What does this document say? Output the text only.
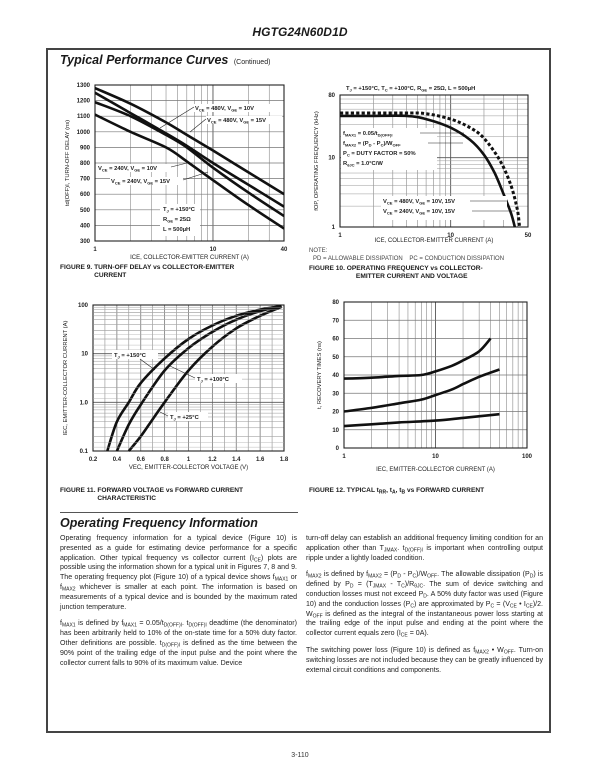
HGTG24N60D1D
Typical Performance Curves (Continued)
1	10	40
300
400
500
600
700
800
900
1000
1100
1200
1300
ICE, COLLECTOR-EMITTER CURRENT (A)
td(OFF)I, TURN-OFF DELAY (ns)
$V_{CE} = 480V$, $V_{GE} = 10V$
$V_{CE} = 480V$, $V_{GE} = 15V$
$V_{CE} = 240V$, $V_{GE} = 10V$
$V_{CE} = 240V$, $V_{GE} = 15V$
$T_J = +150^\circ C$
$R_{GE} = 25\Omega$
L = 500µH
FIGURE 9. TURN-OFF DELAY vs COLLECTOR-EMITTER
CURRENT
1	10	50
1
10
80
ICE, COLLECTOR-EMITTER CURRENT (A)
fOP, OPERATING FREQUENCY (kHz)
$T_J = +150^\circ C$, $T_C = +100^\circ C$, $R_{GE} = 25\Omega$, L = 500µH
$f_{MAX1} = 0.05/t_{D(OFF)I}$
$f_{MAX2} = (P_D - P_C)/W_{OFF}$
$P_C$ = DUTY FACTOR = 50%
$R_{\theta JC} = 1.0^\circ C/W$
$V_{CE} = 480V$, $V_{GE} = 10V$, 15V
$V_{CE} = 240V$, $V_{GE} = 10V$, 15V
NOTE:
PD = ALLOWABLE DISSIPATION    PC = CONDUCTION DISSIPATION
FIGURE 10. OPERATING FREQUENCY vs COLLECTOR-
EMITTER CURRENT AND VOLTAGE
0.2	0.4	0.6	0.8	1	1.2	1.4	1.6	1.8
0.1
1.0
10
100
VEC, EMITTER-COLLECTOR VOLTAGE (V)
IEC, EMITTER-COLLECTOR CURRENT (A)	$T_J = +150^\circ C$
$T_J = +100^\circ C$
$T_J = +25^\circ C$
FIGURE 11. FORWARD VOLTAGE vs FORWARD CURRENT
CHARACTERISTIC
1	10	100
0
10
20
30
40
50
60
70
80
IEC, EMITTER-COLLECTOR CURRENT (A)
t, RECOVERY TIMES (ns)
FIGURE 12. TYPICAL $t_{RR}$, $t_A$, $t_B$ vs FORWARD CURRENT
Operating Frequency Information

Operating frequency information for a typical device (Figure 10) is presented as a guide for estimating device performance for a specific application. Other typical frequency vs collector current $(I_{CE})$ plots are possible using the information shown for a typical unit in Figures 7, 8 and 9. The operating frequency plot (Figure 10) of a typical device shows $f_{MAX1}$ or $f_{MAX2}$ whichever is smaller at each point. The information is based on measurements of a typical device and is bounded by the maximum rated junction temperature.

$f_{MAX1}$ is defined by $f_{MAX1} = 0.05/t_{D(OFF)I}$. $t_{D(OFF)I}$ deadtime (the denominator) has been arbitrarily held to 10% of the on-state time for a 50% duty factor. Other definitions are possible. $t_{D(OFF)I}$ is defined as the time between the 90% point of the trailing edge of the input pulse and the point where the collector current falls to 90% of its maximum value. Device

turn-off delay can establish an additional frequency limiting condition for an application other than $T_{JMAX}$. $t_{D(OFF)I}$ is important when controlling output ripple under a lightly loaded condition.

$f_{MAX2}$ is defined by $f_{MAX2} = (P_D - P_C)/W_{OFF}$. The allowable dissipation $(P_D)$ is defined by $P_D = (T_{JMAX} - T_C)/R_{\theta JC}$. The sum of device switching and conduction losses must not exceed $P_D$. A 50% duty factor was used (Figure 10) and the conduction losses $(P_C)$ are approximated by $P_C = (V_{CE}$ • $I_{CE})/2$. $W_{OFF}$ is defined as the integral of the instantaneous power loss starting at the trailing edge of the input pulse and ending at the point where the collector current equals zero $(I_{CE} = 0A)$.

The switching power loss (Figure 10) is defined as $f_{MAX2}$ • $W_{OFF}$. Turn-on switching losses are not included because they can be greatly influenced by external circuit conditions and components.

3-110
